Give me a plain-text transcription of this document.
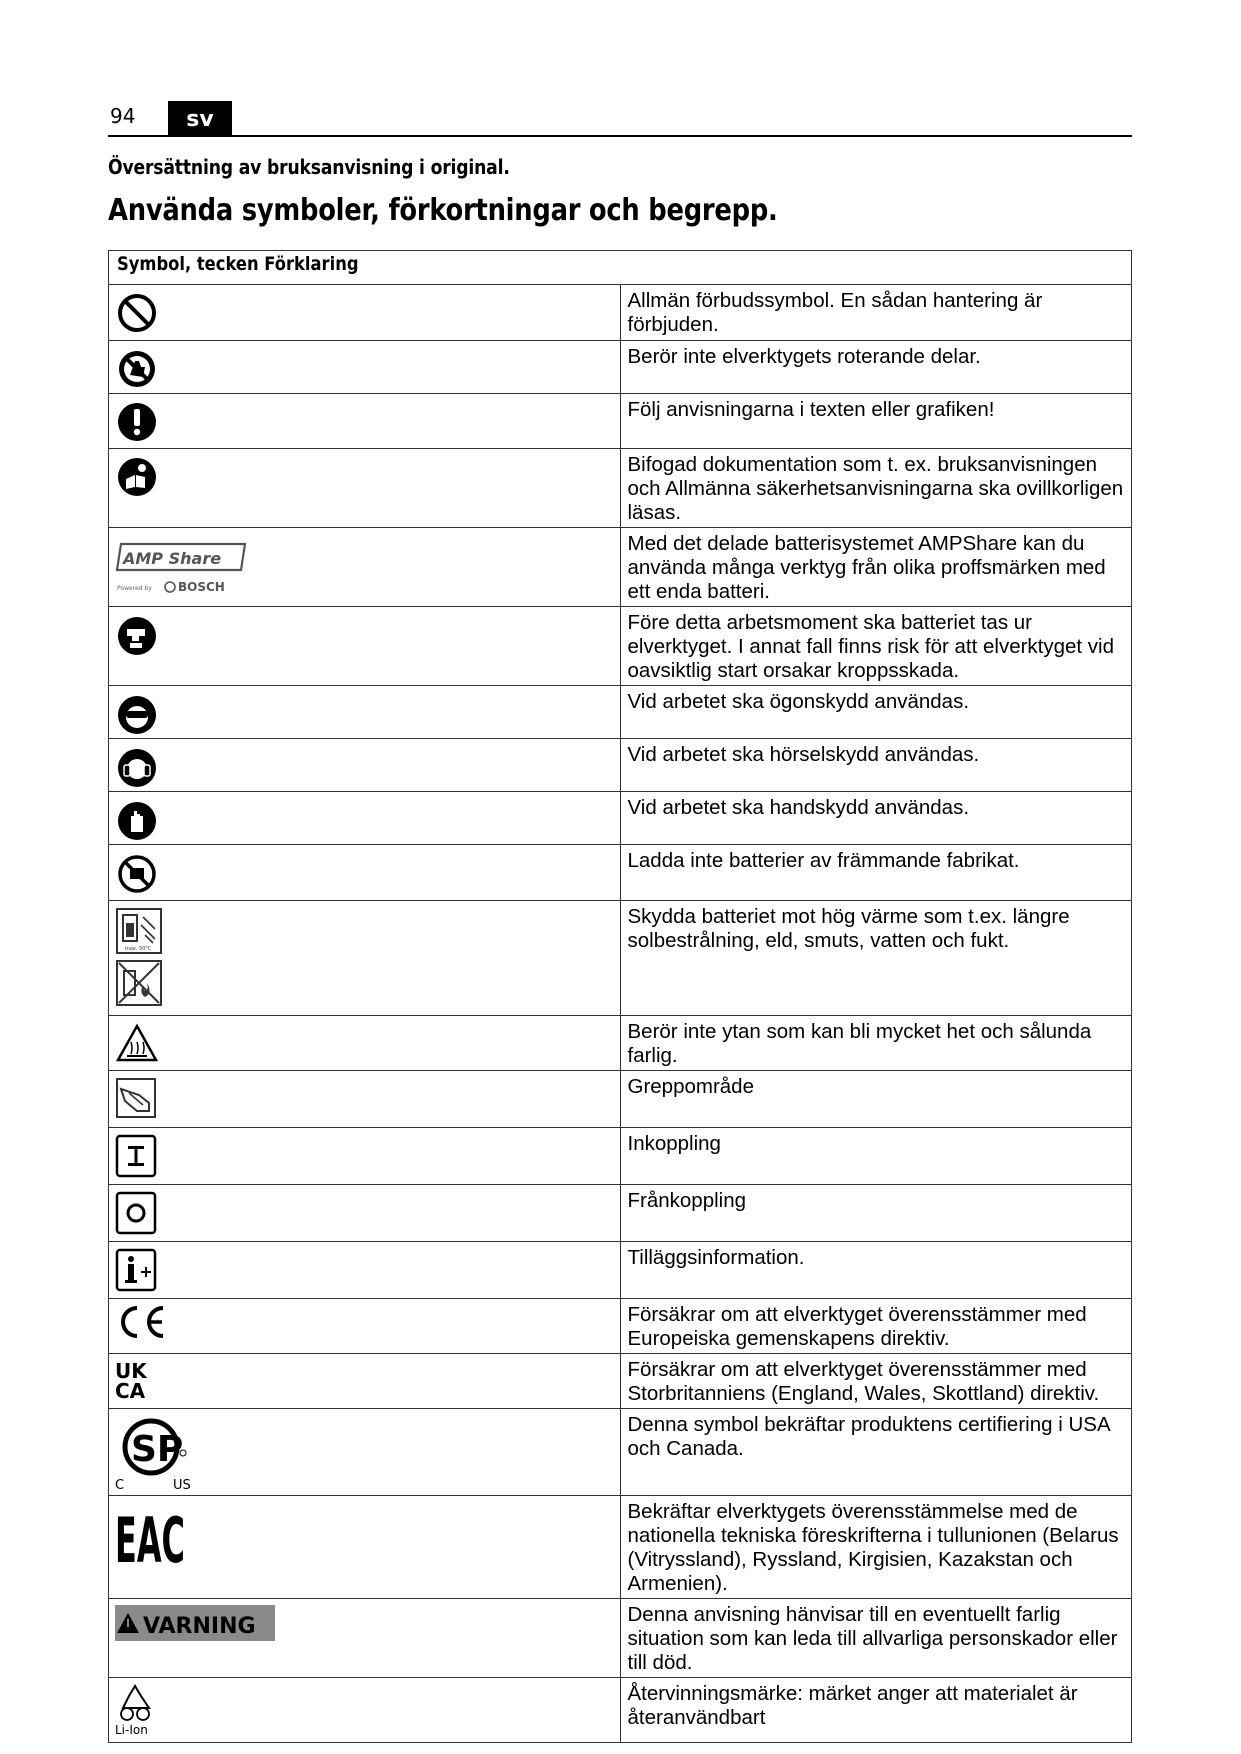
94	sv
Översättning av bruksanvisning i original.
Använda symboler, förkortningar och begrepp.
Symbol, tecken Förklaring	

	Allmän förbudssymbol. En sådan hantering är förbjuden.

	Berör inte elverktygets roterande delar.

	Följ anvisningarna i texten eller grafiken!

	Bifogad dokumentation som t. ex. bruksanvisningen och Allmänna säkerhetsanvisningarna ska ovillkorligen läsas.

AMP Share
Powered by BOSCH	Med det delade batterisystemet AMPShare kan du använda många verktyg från olika proffsmärken med ett enda batteri.

	Före detta arbetsmoment ska batteriet tas ur elverktyget. I annat fall finns risk för att elverktyget vid oavsiktlig start orsakar kroppsskada.

	Vid arbetet ska ögonskydd användas.

	Vid arbetet ska hörselskydd användas.

	Vid arbetet ska handskydd användas.

	Ladda inte batterier av främmande fabrikat.

max. 50°C	Skydda batteriet mot hög värme som t.ex. längre solbestrålning, eld, smuts, vatten och fukt.

	Berör inte ytan som kan bli mycket het och sålunda farlig.

	Greppområde

	Inkoppling

	Frånkoppling

	Tilläggsinformation.

	Försäkrar om att elverktyget överensstämmer med Europeiska gemenskapens direktiv.

UK
CA	Försäkrar om att elverktyget överensstämmer med Storbritanniens (England, Wales, Skottland) direktiv.

SP
C US	Denna symbol bekräftar produktens certifiering i USA och Canada.

EAC	Bekräftar elverktygets överensstämmelse med de nationella tekniska föreskrifterna i tullunionen (Belarus (Vitryssland), Ryssland, Kirgisien, Kazakstan och Armenien).

VARNING	Denna anvisning hänvisar till en eventuellt farlig situation som kan leda till allvarliga personskador eller till död.

Li-Ion	Återvinningsmärke: märket anger att materialet är återanvändbart
